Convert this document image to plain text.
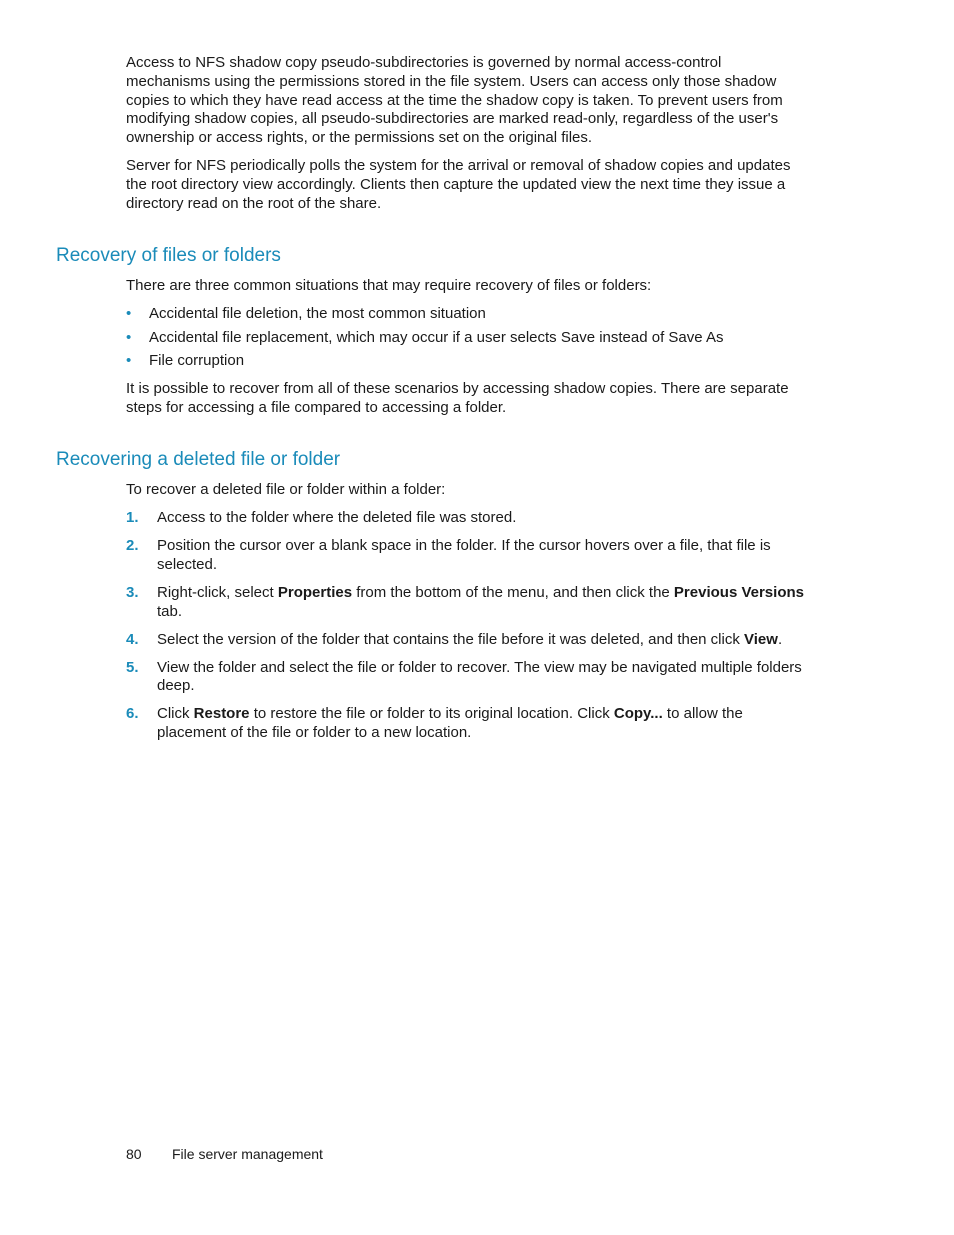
Access to NFS shadow copy pseudo-subdirectories is governed by normal access-control mechanisms using the permissions stored in the file system. Users can access only those shadow copies to which they have read access at the time the shadow copy is taken. To prevent users from modifying shadow copies, all pseudo-subdirectories are marked read-only, regardless of the user's ownership or access rights, or the permissions set on the original files.

Server for NFS periodically polls the system for the arrival or removal of shadow copies and updates the root directory view accordingly. Clients then capture the updated view the next time they issue a directory read on the root of the share.

Recovery of files or folders

There are three common situations that may require recovery of files or folders:

• Accidental file deletion, the most common situation
• Accidental file replacement, which may occur if a user selects Save instead of Save As
• File corruption

It is possible to recover from all of these scenarios by accessing shadow copies. There are separate steps for accessing a file compared to accessing a folder.

Recovering a deleted file or folder

To recover a deleted file or folder within a folder:

1. Access to the folder where the deleted file was stored.
2. Position the cursor over a blank space in the folder. If the cursor hovers over a file, that file is selected.
3. Right-click, select Properties from the bottom of the menu, and then click the Previous Versions tab.
4. Select the version of the folder that contains the file before it was deleted, and then click View.
5. View the folder and select the file or folder to recover. The view may be navigated multiple folders deep.
6. Click Restore to restore the file or folder to its original location. Click Copy... to allow the placement of the file or folder to a new location.
80 File server management
